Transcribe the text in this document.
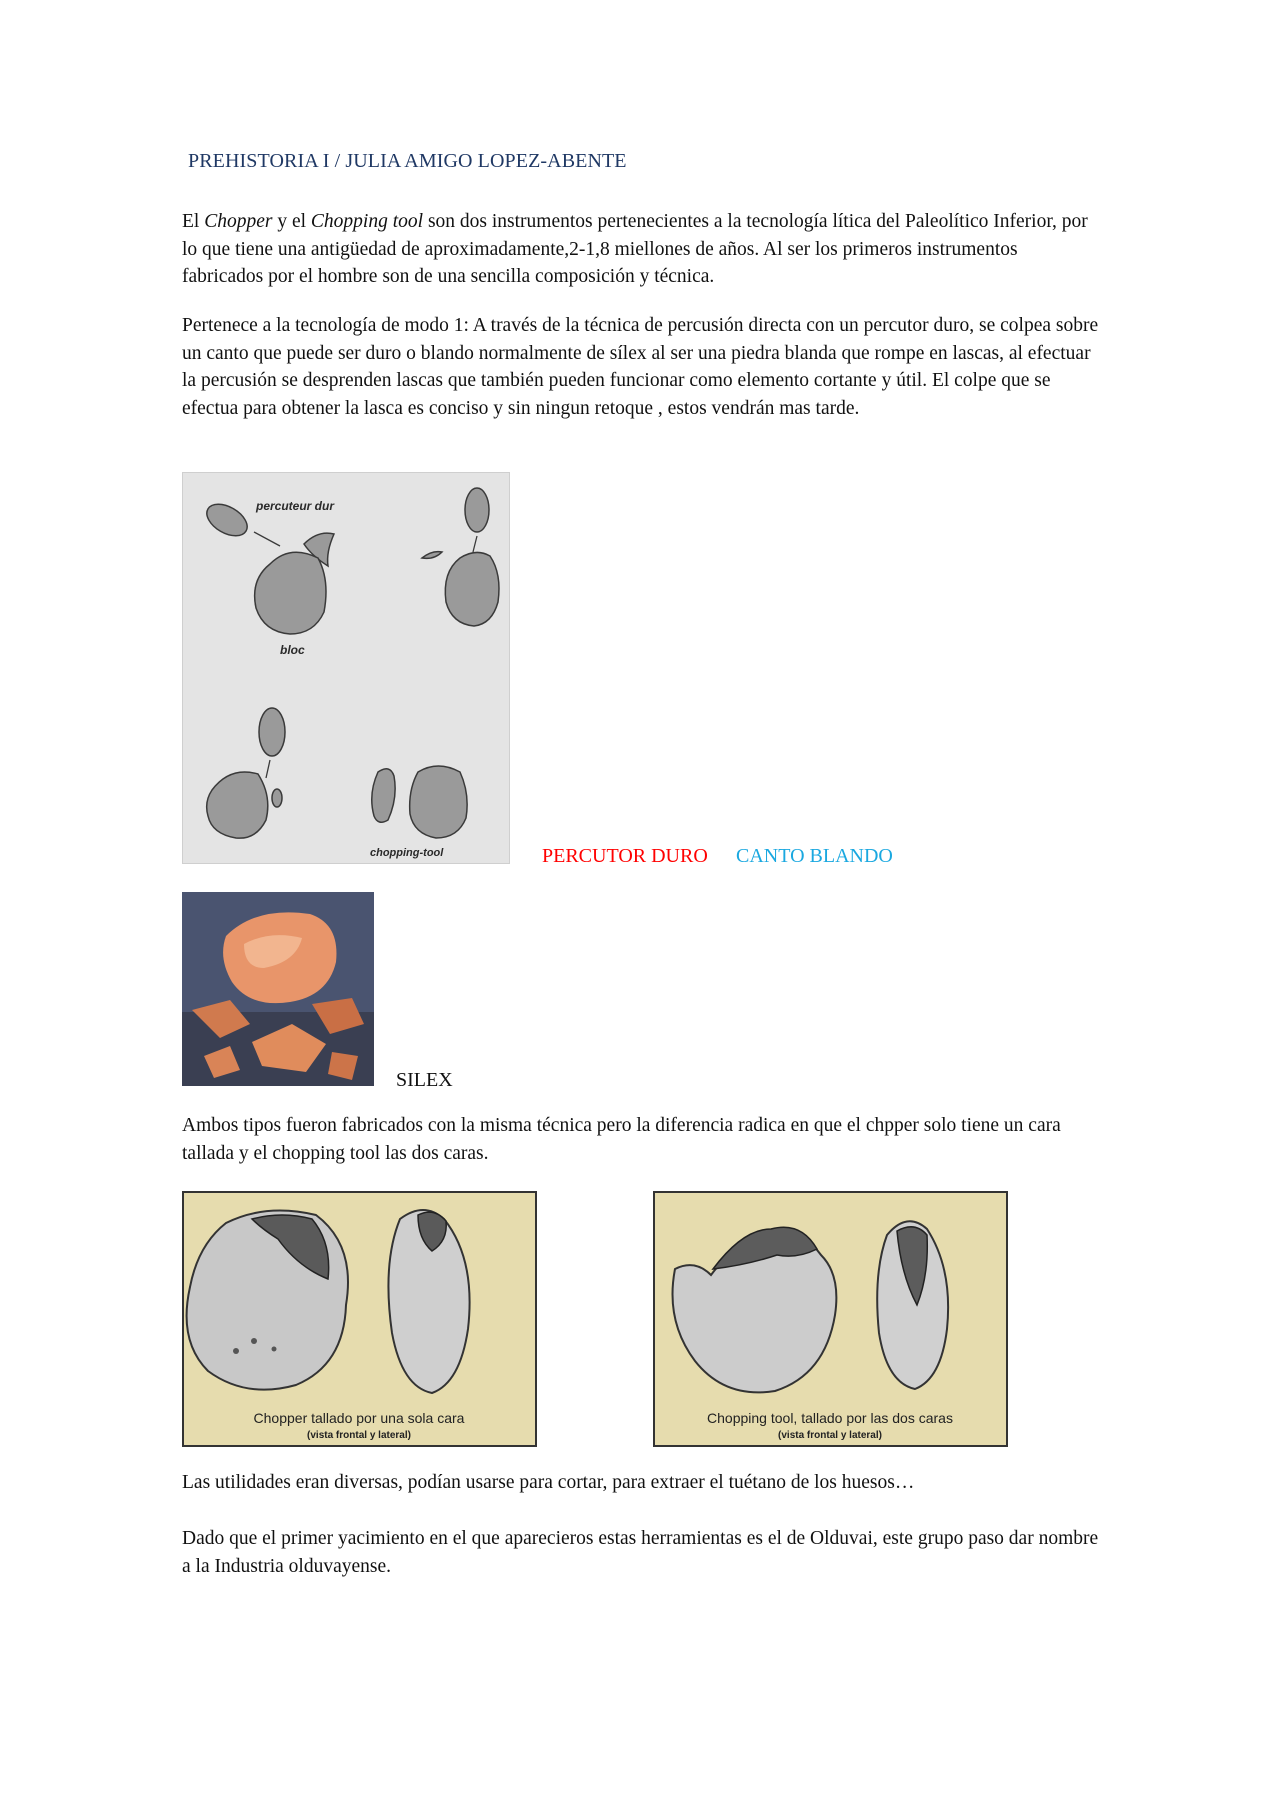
PREHISTORIA I / JULIA AMIGO LOPEZ-ABENTE

El Chopper y el Chopping tool son dos instrumentos pertenecientes a la tecnología lítica del Paleolítico Inferior, por lo que tiene una antigüedad de aproximadamente,2-1,8 miellones de años. Al ser los primeros instrumentos fabricados por el hombre son de una sencilla composición y técnica.

Pertenece a la tecnología de modo 1: A través de la técnica de percusión directa con un percutor duro, se colpea sobre un canto que puede ser duro o blando normalmente de sílex al ser una piedra blanda que rompe en lascas, al efectuar la percusión se desprenden lascas que también pueden funcionar como elemento cortante y útil. El colpe que se efectua para obtener la lasca es conciso y sin ningun retoque , estos vendrán mas tarde.

percuteur dur
bloc
chopping-tool	PERCUTOR DURO CANTO BLANDO
SILEX

Ambos tipos fueron fabricados con la misma técnica pero la diferencia radica en que el chpper solo tiene un cara tallada y el chopping tool las dos caras.

Chopper tallado por una sola cara
(vista frontal y lateral)
Chopping tool, tallado por las dos caras
(vista frontal y lateral)

Las utilidades eran diversas, podían usarse para cortar, para extraer el tuétano de los huesos…

Dado que el primer yacimiento en el que aparecieros estas herramientas es el de Olduvai, este grupo paso dar nombre a la Industria olduvayense.
